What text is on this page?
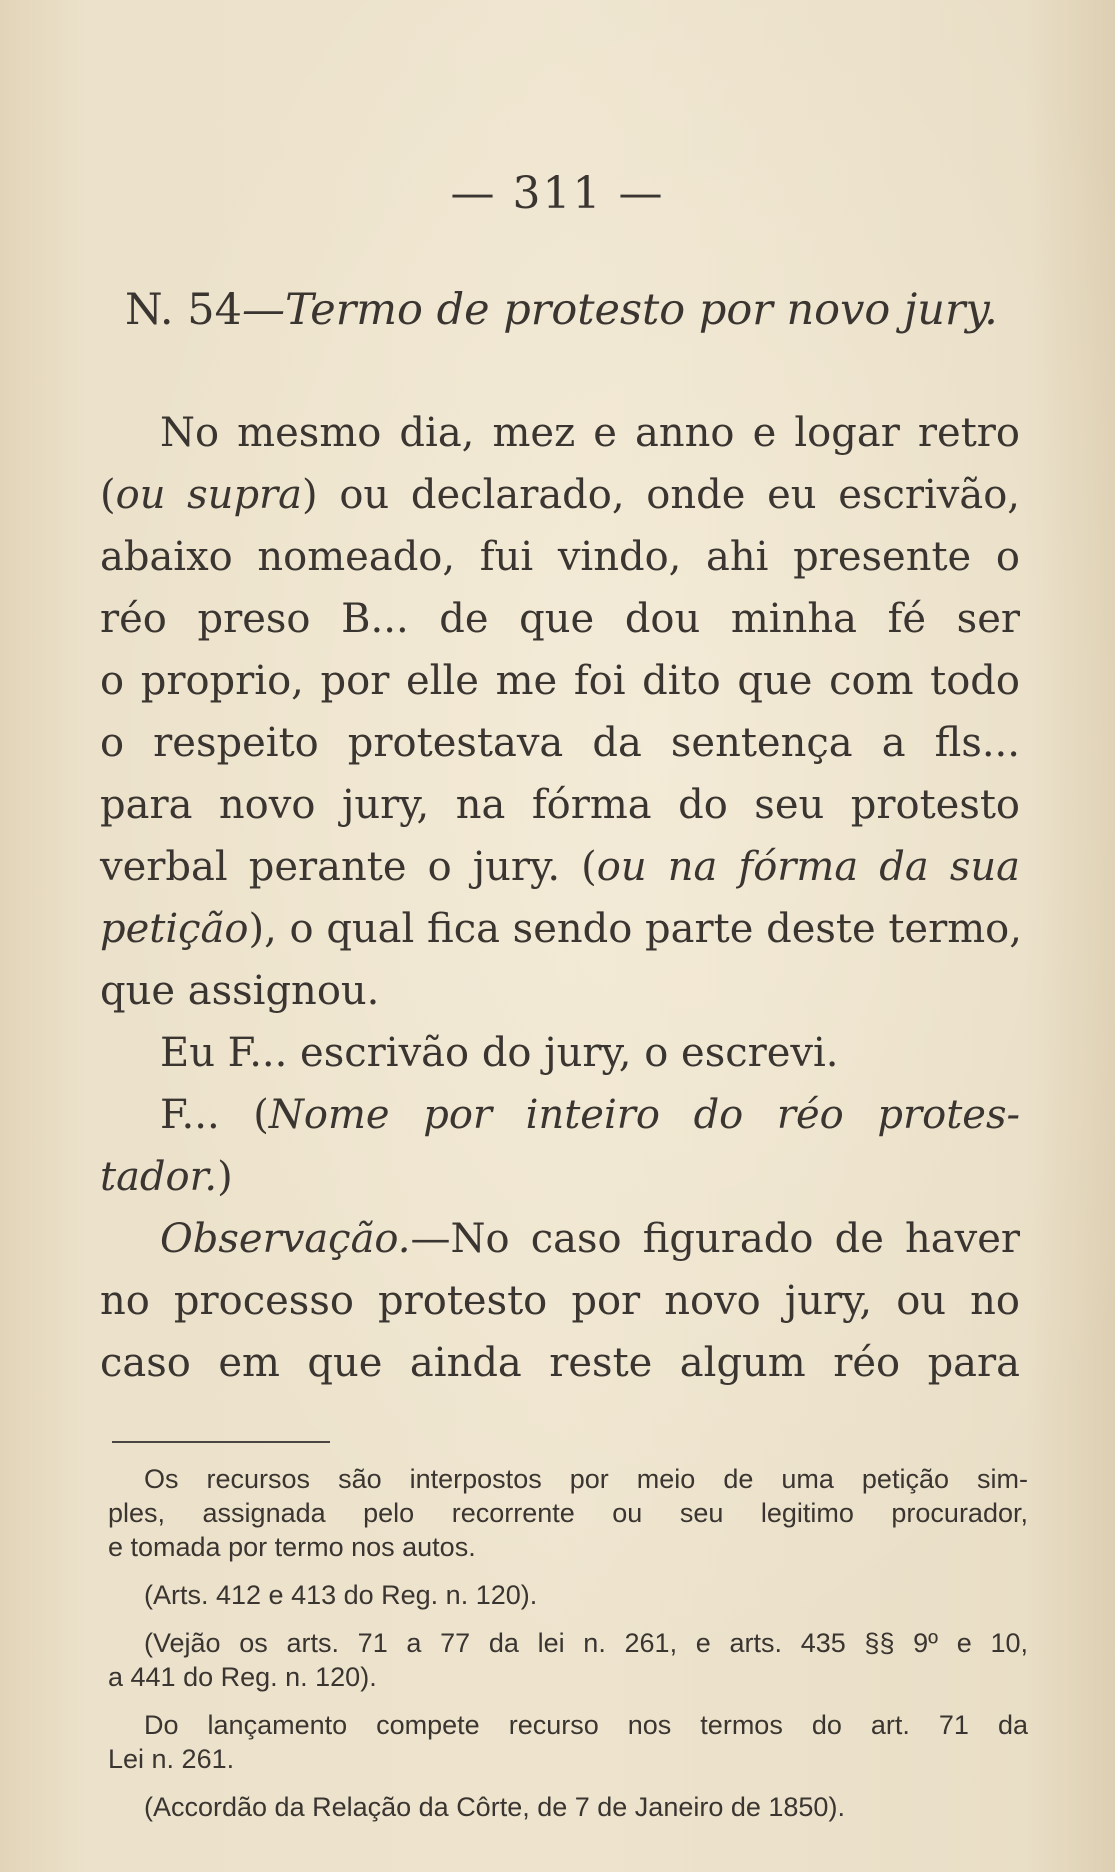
— 311 —
N. 54—Termo de protesto por novo jury.
No mesmo dia, mez e anno e logar retro
(ou supra) ou declarado, onde eu escrivão,
abaixo nomeado, fui vindo, ahi presente o
réo preso B... de que dou minha fé ser
o proprio, por elle me foi dito que com todo
o respeito protestava da sentença a fls...
para novo jury, na fórma do seu protesto
verbal perante o jury. (ou na fórma da sua
petição), o qual fica sendo parte deste termo,
que assignou.
Eu F... escrivão do jury, o escrevi.
F... (Nome por inteiro do réo protes-
tador.)
Observação.—No caso figurado de haver
no processo protesto por novo jury, ou no
caso em que ainda reste algum réo para
Os recursos são interpostos por meio de uma petição sim-
ples, assignada pelo recorrente ou seu legitimo procurador,
e tomada por termo nos autos.
(Arts. 412 e 413 do Reg. n. 120).
(Vejão os arts. 71 a 77 da lei n. 261, e arts. 435 §§ 9º e 10,
a 441 do Reg. n. 120).
Do lançamento compete recurso nos termos do art. 71 da
Lei n. 261.
(Accordão da Relação da Côrte, de 7 de Janeiro de 1850).
